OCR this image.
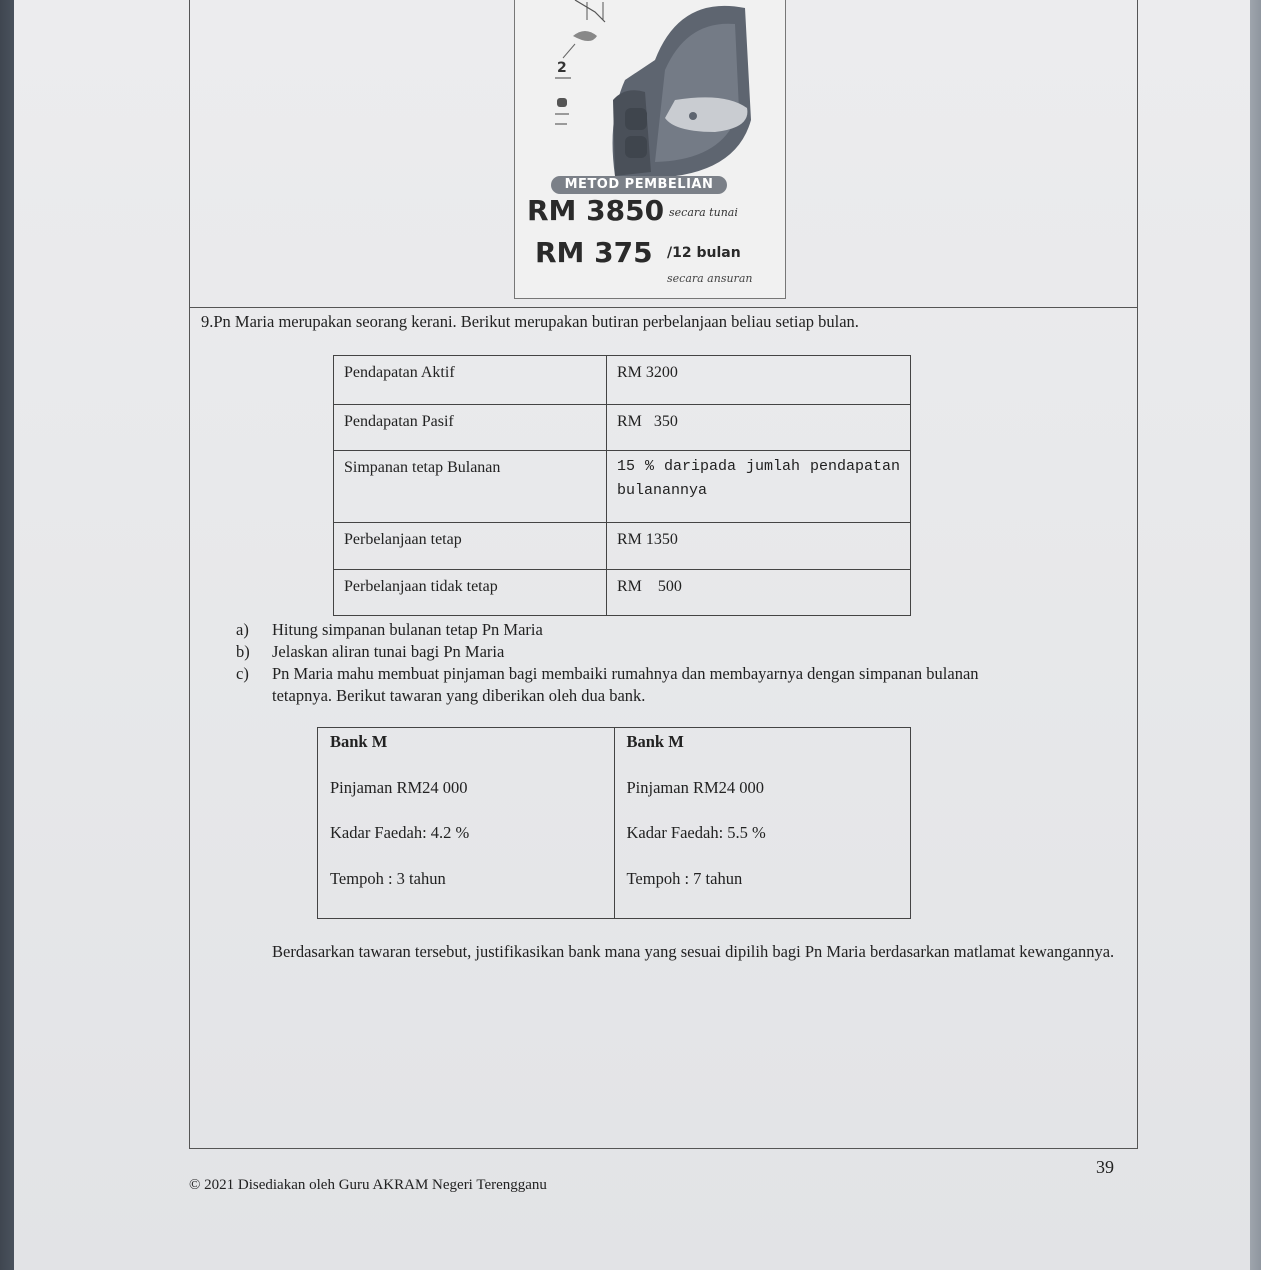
2
METOD PEMBELIAN
RM 3850 secara tunai
RM 375 /12 bulan
secara ansuran
9.Pn Maria merupakan seorang kerani. Berikut merupakan butiran perbelanjaan beliau setiap bulan.
Pendapatan Aktif	RM 3200
Pendapatan Pasif	RM   350
Simpanan tetap Bulanan	15 % daripada jumlah pendapatan bulanannya
Perbelanjaan tetap	RM 1350
Perbelanjaan tidak tetap	RM    500
a) Hitung simpanan bulanan tetap Pn Maria
b) Jelaskan aliran tunai bagi Pn Maria
c) Pn Maria mahu membuat pinjaman bagi membaiki rumahnya dan membayarnya dengan simpanan bulanan
tetapnya. Berikut tawaran yang diberikan oleh dua bank.
Bank M
Pinjaman RM24 000
Kadar Faedah: 4.2 %
Tempoh : 3 tahun

Bank M
Pinjaman RM24 000
Kadar Faedah: 5.5 %
Tempoh : 7 tahun
Berdasarkan tawaran tersebut, justifikasikan bank mana yang sesuai dipilih bagi Pn Maria berdasarkan matlamat kewangannya.
© 2021 Disediakan oleh Guru AKRAM Negeri Terengganu
39
